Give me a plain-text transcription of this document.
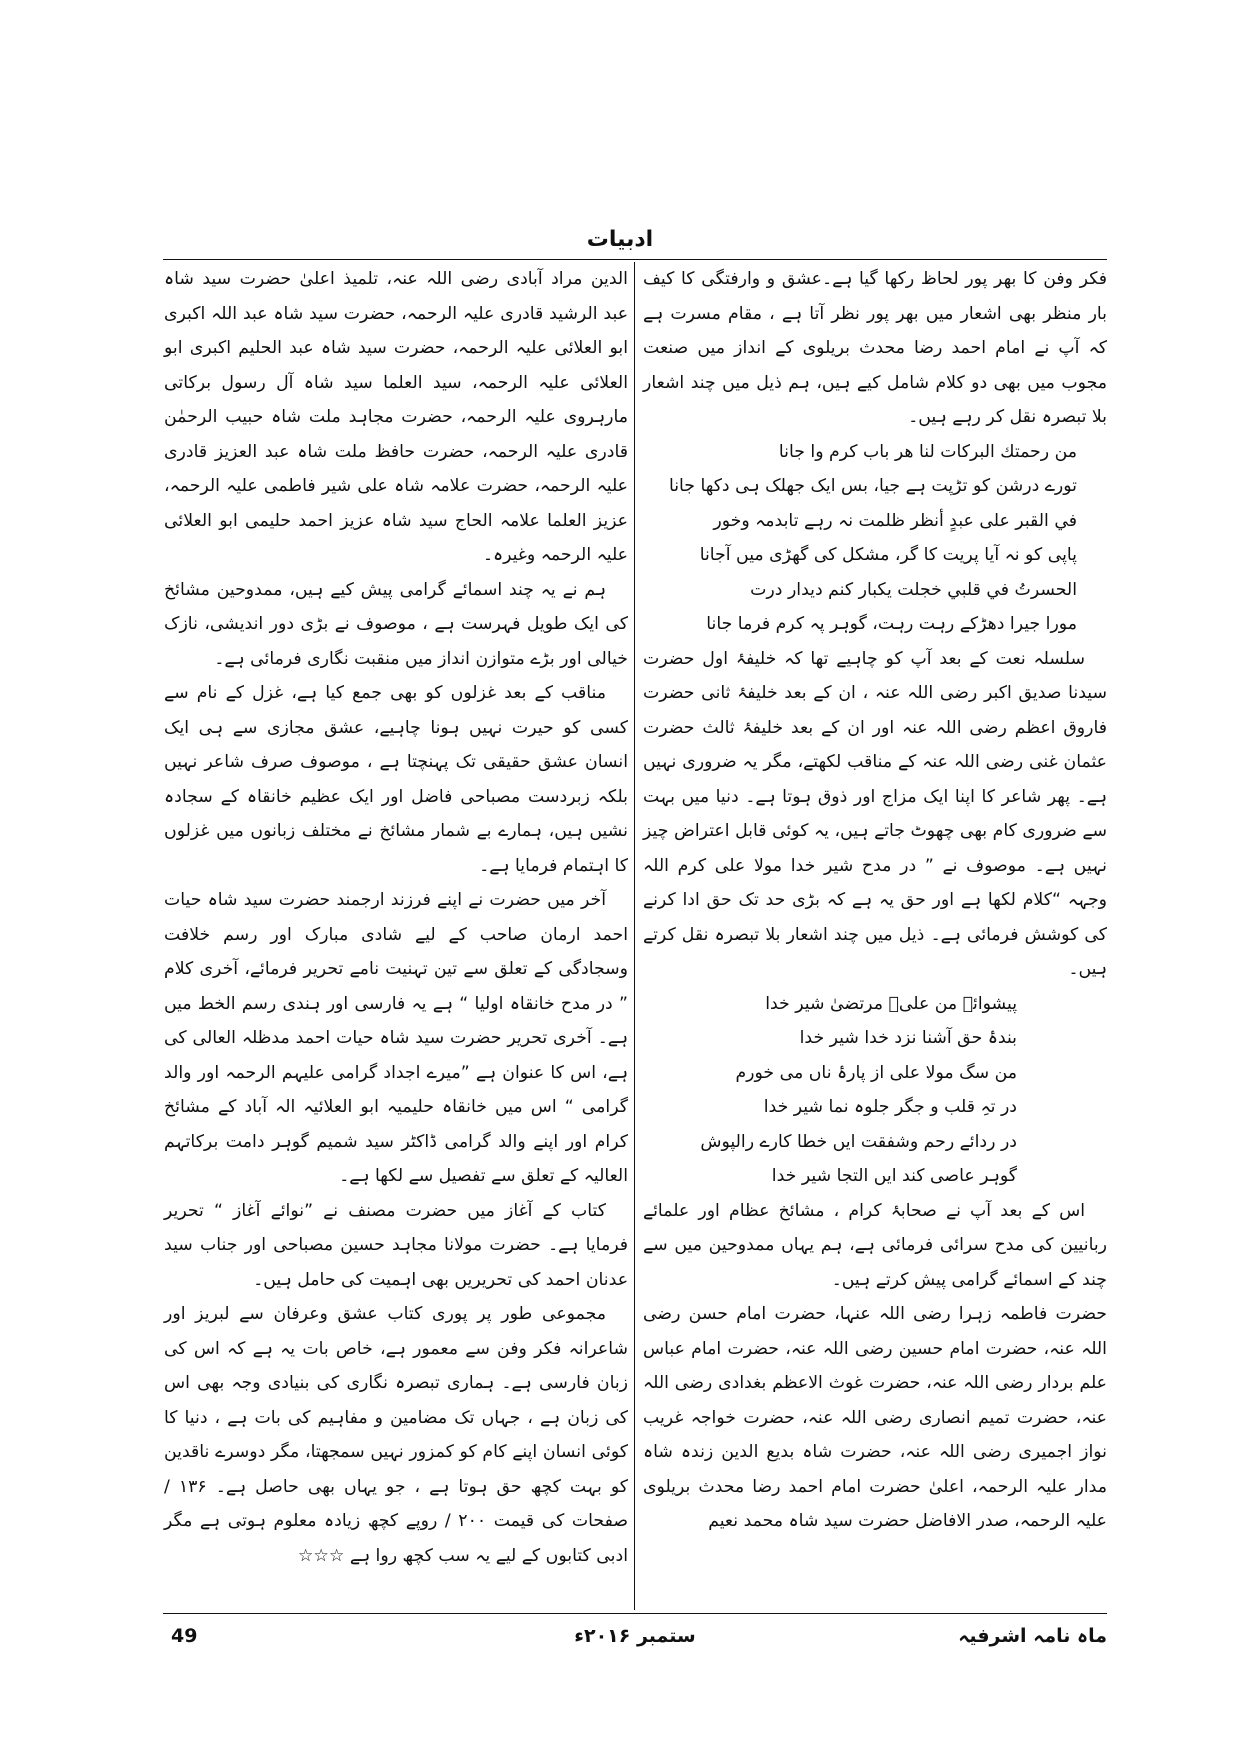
ادبیات

فکر وفن کا بھر پور لحاظ رکھا گیا ہے۔عشق و وارفتگی کا کیف بار منظر بھی اشعار میں بھر پور نظر آتا ہے ، مقام مسرت ہے کہ آپ نے امام احمد رضا محدث بریلوی کے انداز میں صنعت مجوب میں بھی دو کلام شامل کیے ہیں، ہم ذیل میں چند اشعار بلا تبصرہ نقل کر رہے ہیں۔

من رحمتك البركات لنا ھر باب کرم وا جانا

تورے درشن کو تڑپت ہے جیا، بس ایک جھلک ہی دکھا جانا

في القبر على عبدٍ أنظر ظلمت نہ رہے تابدمہ وخور

پاپی کو نہ آیا پریت کا گر، مشکل کی گھڑی میں آجانا

الحسرتُ في قلبي خجلت یکبار کنم دیدار درت

مورا جیرا دھڑکے رہت رہت، گوہر پہ کرم فرما جانا

سلسلہ نعت کے بعد آپ کو چاہیے تھا کہ خلیفۂ اول حضرت سیدنا صدیق اکبر رضی اللہ عنہ ، ان کے بعد خلیفۂ ثانی حضرت فاروق اعظم رضی اللہ عنہ اور ان کے بعد خلیفۂ ثالث حضرت عثمان غنی رضی اللہ عنہ کے مناقب لکھتے، مگر یہ ضروری نہیں ہے۔ پھر شاعر کا اپنا ایک مزاج اور ذوق ہوتا ہے۔ دنیا میں بہت سے ضروری کام بھی چھوٹ جاتے ہیں، یہ کوئی قابل اعتراض چیز نہیں ہے۔ موصوف نے ” در مدح شیر خدا مولا علی کرم اللہ وجہہ “کلام لکھا ہے اور حق یہ ہے کہ بڑی حد تک حق ادا کرنے کی کوشش فرمائی ہے۔ ذیل میں چند اشعار بلا تبصرہ نقل کرتے ہیں۔

پیشوائے من علیؑ مرتضیٰ شیر خدا

بندۂ حق آشنا نزد خدا شیر خدا

من سگ مولا علی از پارۂ ناں می خورم

در تہِ قلب و جگر جلوہ نما شیر خدا

در ردائے رحم وشفقت ایں خطا کارے رالپوش

گوہر عاصی کند ایں التجا شیر خدا

اس کے بعد آپ نے صحابۂ کرام ، مشائخ عظام اور علمائے ربانیین کی مدح سرائی فرمائی ہے، ہم یہاں ممدوحین میں سے چند کے اسمائے گرامی پیش کرتے ہیں۔

حضرت فاطمہ زہرا رضی اللہ عنہا، حضرت امام حسن رضی اللہ عنہ، حضرت امام حسین رضی اللہ عنہ، حضرت امام عباس علم بردار رضی اللہ عنہ، حضرت غوث الاعظم بغدادی رضی اللہ عنہ، حضرت تمیم انصاری رضی اللہ عنہ، حضرت خواجہ غریب نواز اجمیری رضی اللہ عنہ، حضرت شاہ بدیع الدین زندہ شاہ مدار علیہ الرحمہ، اعلیٰ حضرت امام احمد رضا محدث بریلوی علیہ الرحمہ، صدر الافاضل حضرت سید شاہ محمد نعیم

الدین مراد آبادی رضی اللہ عنہ، تلمیذ اعلیٰ حضرت سید شاہ عبد الرشید قادری علیہ الرحمہ، حضرت سید شاہ عبد اللہ اکبری ابو العلائی علیہ الرحمہ، حضرت سید شاہ عبد الحلیم اکبری ابو العلائی علیہ الرحمہ، سید العلما سید شاہ آل رسول برکاتی مارہروی علیہ الرحمہ، حضرت مجاہد ملت شاہ حبیب الرحمٰن قادری علیہ الرحمہ، حضرت حافظ ملت شاہ عبد العزیز قادری علیہ الرحمہ، حضرت علامہ شاہ علی شیر فاطمی علیہ الرحمہ، عزیز العلما علامہ الحاج سید شاہ عزیز احمد حلیمی ابو العلائی علیہ الرحمہ وغیرہ۔

ہم نے یہ چند اسمائے گرامی پیش کیے ہیں، ممدوحین مشائخ کی ایک طویل فہرست ہے ، موصوف نے بڑی دور اندیشی، نازک خیالی اور بڑے متوازن انداز میں منقبت نگاری فرمائی ہے۔

مناقب کے بعد غزلوں کو بھی جمع کیا ہے، غزل کے نام سے کسی کو حیرت نہیں ہونا چاہیے، عشق مجازی سے ہی ایک انسان عشق حقیقی تک پہنچتا ہے ، موصوف صرف شاعر نہیں بلکہ زبردست مصباحی فاضل اور ایک عظیم خانقاہ کے سجادہ نشیں ہیں، ہمارے بے شمار مشائخ نے مختلف زبانوں میں غزلوں کا اہتمام فرمایا ہے۔

آخر میں حضرت نے اپنے فرزند ارجمند حضرت سید شاہ حیات احمد ارمان صاحب کے لیے شادی مبارک اور رسم خلافت وسجادگی کے تعلق سے تین تہنیت نامے تحریر فرمائے، آخری کلام ” در مدح خانقاہ اولیا “ ہے یہ فارسی اور ہندی رسم الخط میں ہے۔ آخری تحریر حضرت سید شاہ حیات احمد مدظلہ العالی کی ہے، اس کا عنوان ہے ”میرے اجداد گرامی علیہم الرحمہ اور والد گرامی “ اس میں خانقاہ حلیمیہ ابو العلائیہ الہ آباد کے مشائخ کرام اور اپنے والد گرامی ڈاکٹر سید شمیم گوہر دامت برکاتہم العالیہ کے تعلق سے تفصیل سے لکھا ہے۔

کتاب کے آغاز میں حضرت مصنف نے ”نوائے آغاز “ تحریر فرمایا ہے۔ حضرت مولانا مجاہد حسین مصباحی اور جناب سید عدنان احمد کی تحریریں بھی اہمیت کی حامل ہیں۔

مجموعی طور پر پوری کتاب عشق وعرفان سے لبریز اور شاعرانہ فکر وفن سے معمور ہے، خاص بات یہ ہے کہ اس کی زبان فارسی ہے۔ ہماری تبصرہ نگاری کی بنیادی وجہ بھی اس کی زبان ہے ، جہاں تک مضامین و مفاہیم کی بات ہے ، دنیا کا کوئی انسان اپنے کام کو کمزور نہیں سمجھتا، مگر دوسرے ناقدین کو بہت کچھ حق ہوتا ہے ، جو یہاں بھی حاصل ہے۔ ۱۳۶ / صفحات کی قیمت ۲۰۰ / روپے کچھ زیادہ معلوم ہوتی ہے مگر ادبی کتابوں کے لیے یہ سب کچھ روا ہے ☆☆☆

ماہ نامہ اشرفیہ
ستمبر ۲۰۱۶ء
49
